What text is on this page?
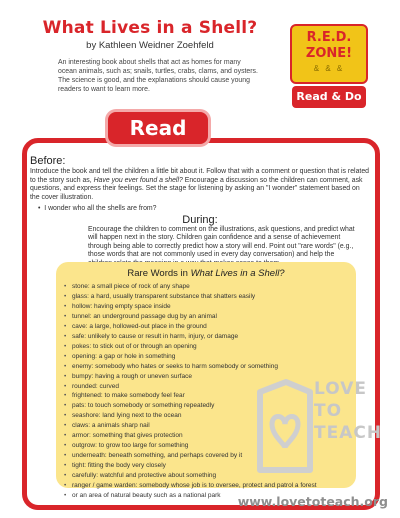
What Lives in a Shell?
by Kathleen Weidner Zoehfeld
An interesting book about shells that act as homes for many ocean animals, such as; snails, turtles, crabs, clams, and oysters. The science is good, and the explanations should cause young readers to want to learn more.
R.E.D.
ZONE!
& & &
Read & Do
Read
Before:
Introduce the book and tell the children a little bit about it. Follow that with a comment or question that is related to the story such as, Have you ever found a shell? Encourage a discussion so the children can comment, ask questions, and express their feelings. Set the stage for listening by asking an "I wonder" statement based on the cover illustration.
•  I wonder who all the shells are from?
During:
Encourage the children to comment on the illustrations, ask questions, and predict what will happen next in the story. Children gain confidence and a sense of achievement through being able to correctly predict how a story will end. Point out "rare words" (e.g., those words that are not commonly used in every day conversation) and help the
Rare Words in What Lives in a Shell?
• stone: a small piece of rock of any shape
• glass: a hard, usually transparent substance that shatters easily
• hollow: having empty space inside
• tunnel: an underground passage dug by an animal
• cave: a large, hollowed-out place in the ground
• safe: unlikely to cause or result in harm, injury, or damage
• pokes: to stick out of or through an opening
• opening: a gap or hole in something
• enemy: somebody who hates or seeks to harm somebody or something
• bumpy: having a rough or uneven surface
• rounded: curved
• frightened: to make somebody feel fear
• pats: to touch somebody or something repeatedly
• seashore: land lying next to the ocean
• claws: a animals sharp nail
• armor: something that gives protection
• outgrow: to grow too large for something
• underneath: beneath something, and perhaps covered by it
• tight: fitting the body very closely
• carefully: watchful and protective about something
• ranger / game warden: somebody whose job is to oversee, protect and patrol a forest
• or an area of natural beauty such as a national park
LOVE
TO
TEACH
www.lovetoteach.org
